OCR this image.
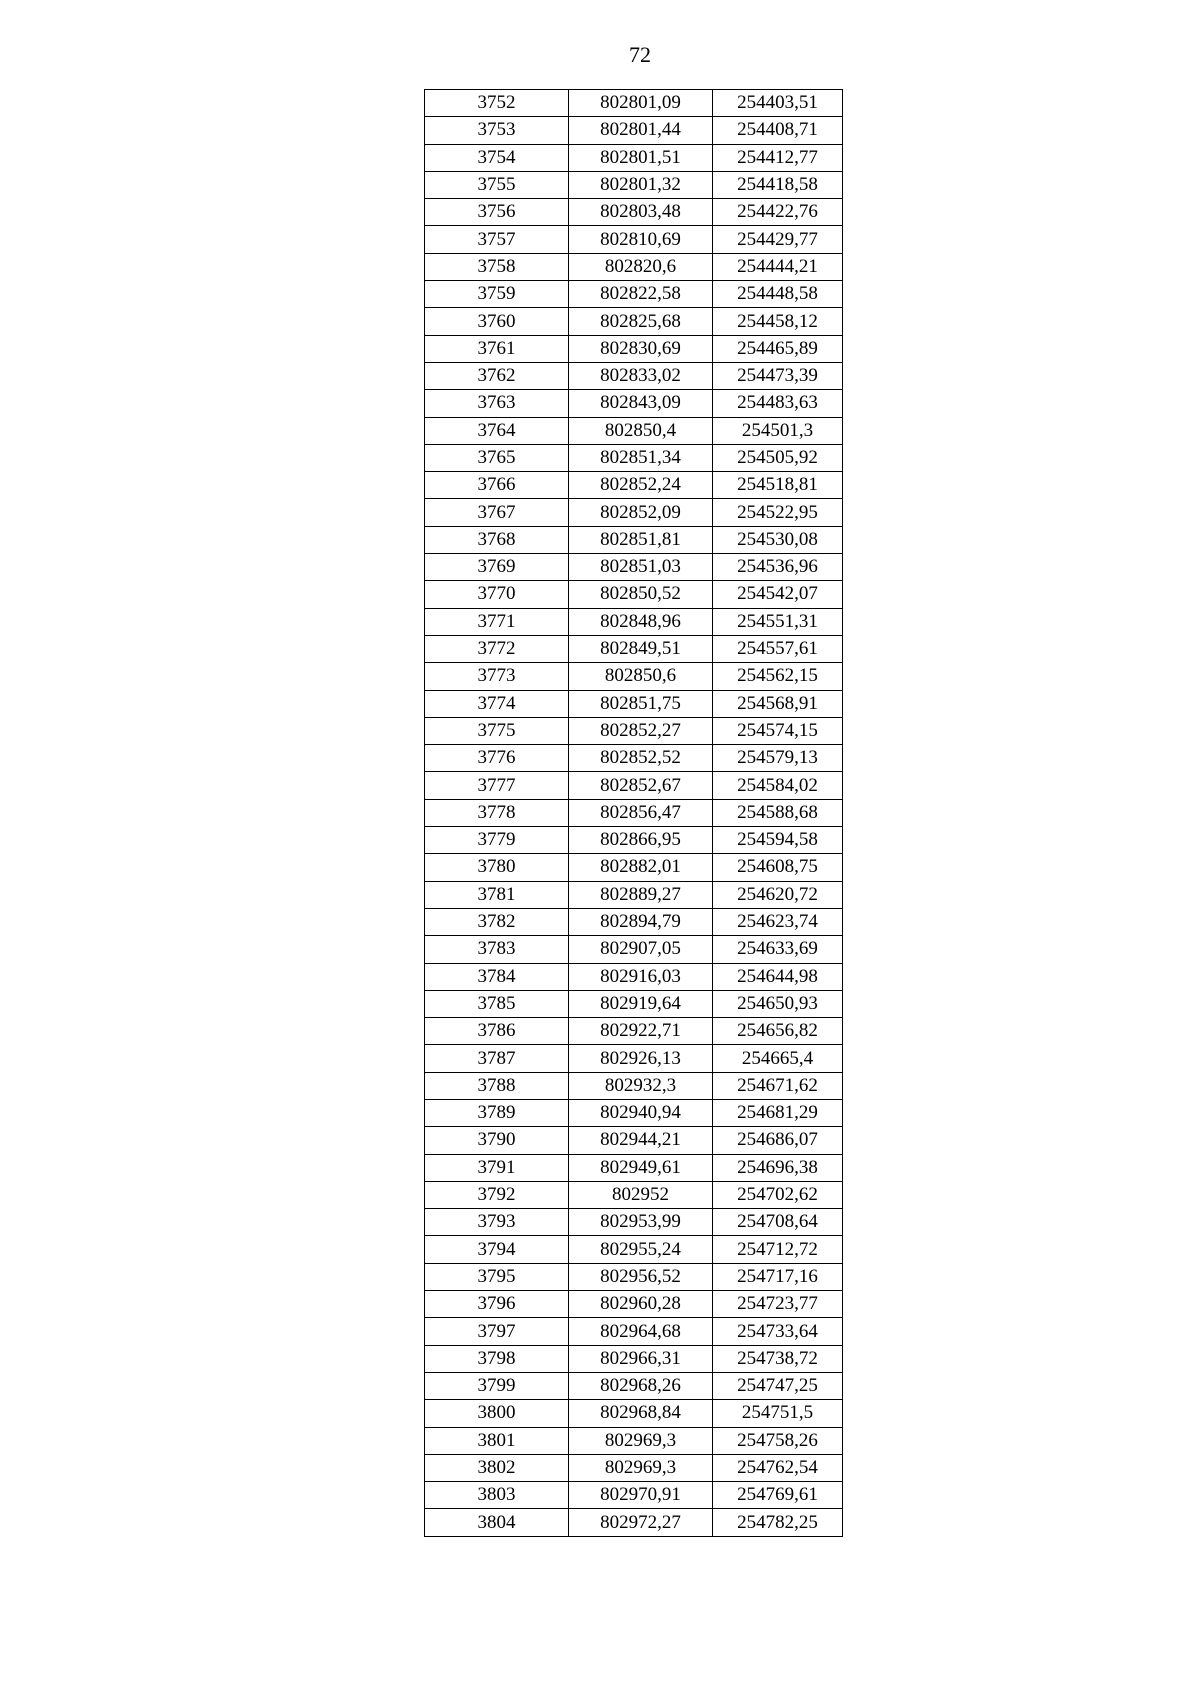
72
3752	802801,09	254403,51
3753	802801,44	254408,71
3754	802801,51	254412,77
3755	802801,32	254418,58
3756	802803,48	254422,76
3757	802810,69	254429,77
3758	802820,6	254444,21
3759	802822,58	254448,58
3760	802825,68	254458,12
3761	802830,69	254465,89
3762	802833,02	254473,39
3763	802843,09	254483,63
3764	802850,4	254501,3
3765	802851,34	254505,92
3766	802852,24	254518,81
3767	802852,09	254522,95
3768	802851,81	254530,08
3769	802851,03	254536,96
3770	802850,52	254542,07
3771	802848,96	254551,31
3772	802849,51	254557,61
3773	802850,6	254562,15
3774	802851,75	254568,91
3775	802852,27	254574,15
3776	802852,52	254579,13
3777	802852,67	254584,02
3778	802856,47	254588,68
3779	802866,95	254594,58
3780	802882,01	254608,75
3781	802889,27	254620,72
3782	802894,79	254623,74
3783	802907,05	254633,69
3784	802916,03	254644,98
3785	802919,64	254650,93
3786	802922,71	254656,82
3787	802926,13	254665,4
3788	802932,3	254671,62
3789	802940,94	254681,29
3790	802944,21	254686,07
3791	802949,61	254696,38
3792	802952	254702,62
3793	802953,99	254708,64
3794	802955,24	254712,72
3795	802956,52	254717,16
3796	802960,28	254723,77
3797	802964,68	254733,64
3798	802966,31	254738,72
3799	802968,26	254747,25
3800	802968,84	254751,5
3801	802969,3	254758,26
3802	802969,3	254762,54
3803	802970,91	254769,61
3804	802972,27	254782,25
